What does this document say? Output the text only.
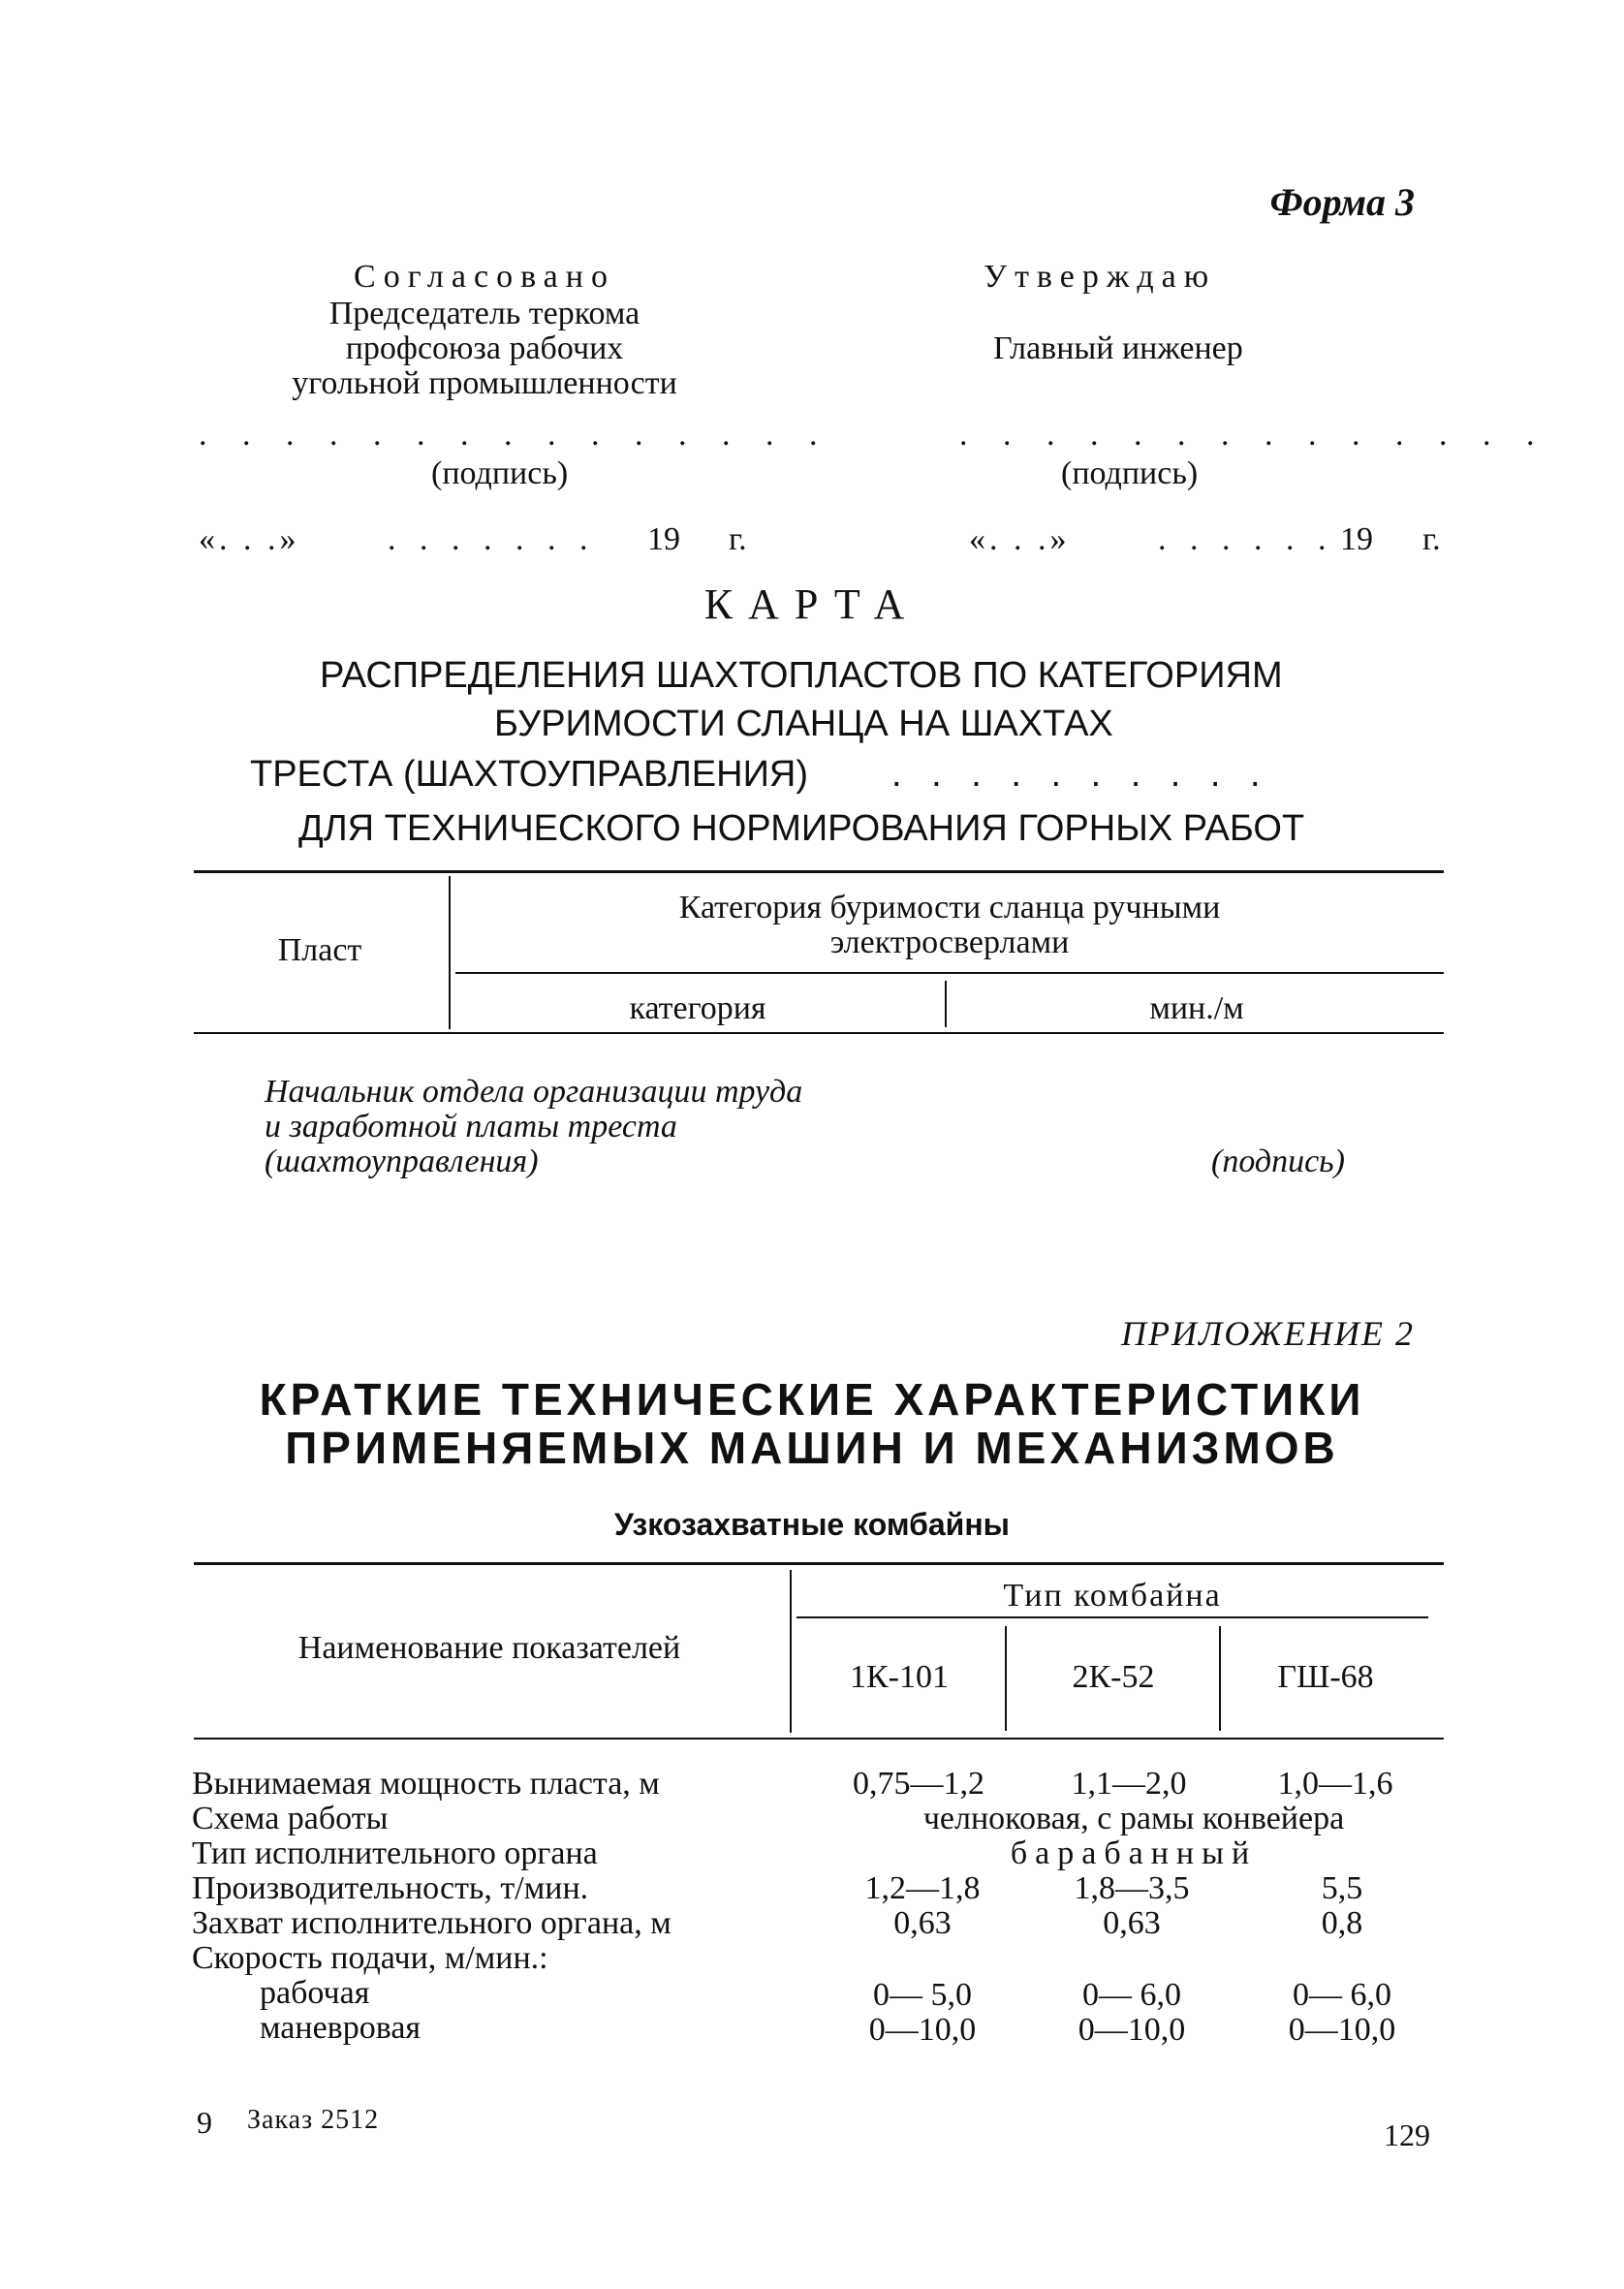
Форма 3
Согласовано
Председатель теркома
профсоюза рабочих
угольной промышленности
. . . . . . . . . . . . . . .
(подпись)
«. . .»	. . . . . . . 19 г.
Утверждаю
Главный инженер
. . . . . . . . . . . . . .
(подпись)
«. . .»	. . . . . . 19 г.
КАРТА
РАСПРЕДЕЛЕНИЯ ШАХТОПЛАСТОВ ПО КАТЕГОРИЯМ
БУРИМОСТИ СЛАНЦА НА ШАХТАХ
ТРЕСТА (ШАХТОУПРАВЛЕНИЯ) . . . . . . . . . .
ДЛЯ ТЕХНИЧЕСКОГО НОРМИРОВАНИЯ ГОРНЫХ РАБОТ
Пласт
Категория буримости сланца ручными
электросверлами
категория	мин./м
Начальник отдела организации труда
и заработной платы треста
(шахтоуправления)	(подпись)
ПРИЛОЖЕНИЕ 2
КРАТКИЕ ТЕХНИЧЕСКИЕ ХАРАКТЕРИСТИКИ
ПРИМЕНЯЕМЫХ МАШИН И МЕХАНИЗМОВ
Узкозахватные комбайны
Наименование показателей
Тип комбайна
1К-101	2К-52	ГШ-68
Вынимаемая мощность пласта, м	0,75—1,2	1,1—2,0	1,0—1,6
Схема работы	челноковая, с рамы конвейера
Тип исполнительного органа	барабанный
Производительность, т/мин.	1,2—1,8	1,8—3,5	5,5
Захват исполнительного органа, м	0,63	0,63	0,8
Скорость подачи, м/мин.:
рабочая	0— 5,0	0— 6,0	0— 6,0
маневровая	0—10,0	0—10,0	0—10,0
9 Заказ 2512	129
